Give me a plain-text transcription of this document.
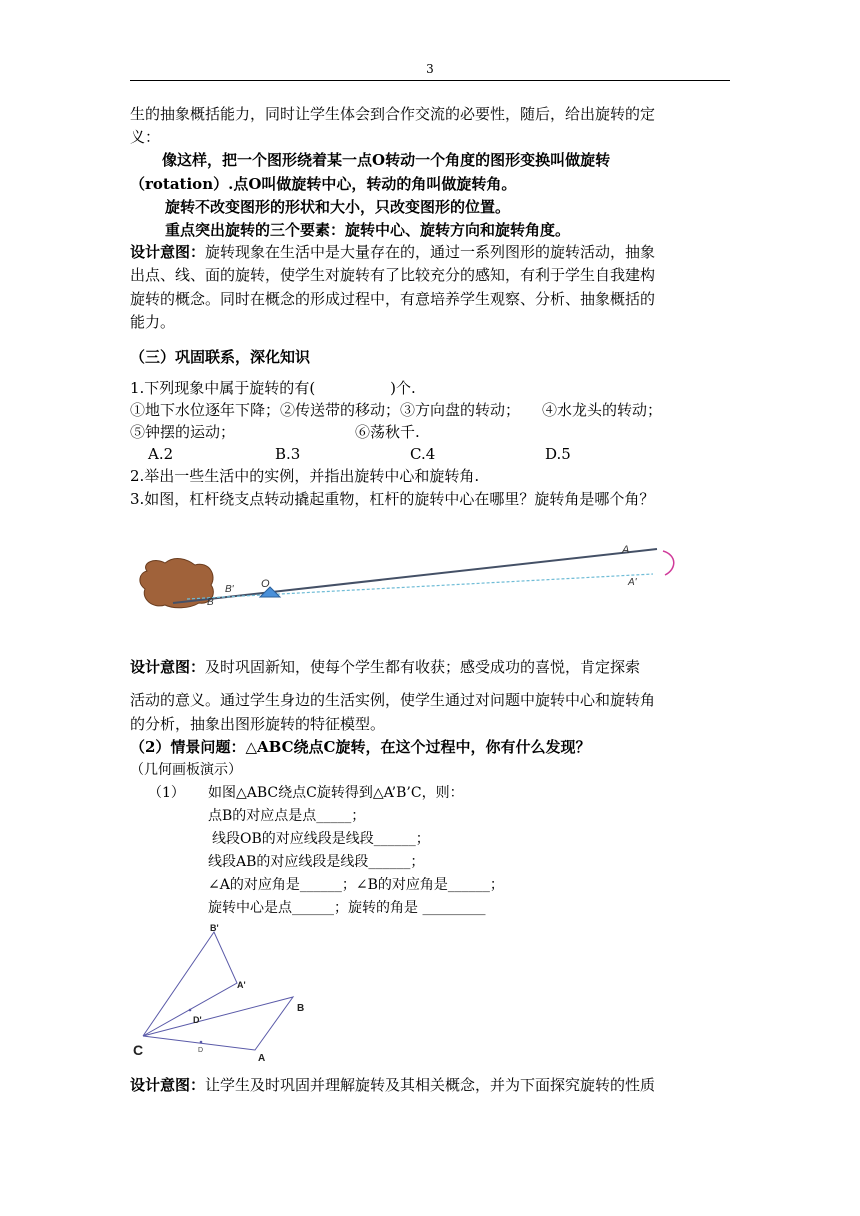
3
生的抽象概括能力，同时让学生体会到合作交流的必要性，随后，给出旋转的定
义：
像这样，把一个图形绕着某一点O转动一个角度的图形变换叫做旋转
（rotation）.点O叫做旋转中心，转动的角叫做旋转角。
旋转不改变图形的形状和大小，只改变图形的位置。
重点突出旋转的三个要素：旋转中心、旋转方向和旋转角度。
设计意图：旋转现象在生活中是大量存在的，通过一系列图形的旋转活动，抽象
出点、线、面的旋转，使学生对旋转有了比较充分的感知，有利于学生自我建构
旋转的概念。同时在概念的形成过程中，有意培养学生观察、分析、抽象概括的
能力。
（三）巩固联系，深化知识
1.下列现象中属于旋转的有(　　　　　)个.
①地下水位逐年下降；②传送带的移动；③方向盘的转动； ④水龙头的转动；
⑤钟摆的运动；	⑥荡秋千.
A.2	B.3	C.4	D.5
2.举出一些生活中的实例，并指出旋转中心和旋转角.
3.如图，杠杆绕支点转动撬起重物，杠杆的旋转中心在哪里？旋转角是哪个角？
A
A'
O
B'
B
设计意图：及时巩固新知，使每个学生都有收获；感受成功的喜悦，肯定探索
活动的意义。通过学生身边的生活实例，使学生通过对问题中旋转中心和旋转角
的分析，抽象出图形旋转的特征模型。
（2）情景问题：△ABC绕点C旋转，在这个过程中，你有什么发现？
（几何画板演示）
（1） 如图△ABC绕点C旋转得到△A’B’C，则：
点B的对应点是点_____；
线段OB的对应线段是线段______；
线段AB的对应线段是线段______；
∠A的对应角是______；∠B的对应角是______；
旋转中心是点______；旋转的角是 _________
B'
A'
B
D'
D
C
A
设计意图：让学生及时巩固并理解旋转及其相关概念，并为下面探究旋转的性质
